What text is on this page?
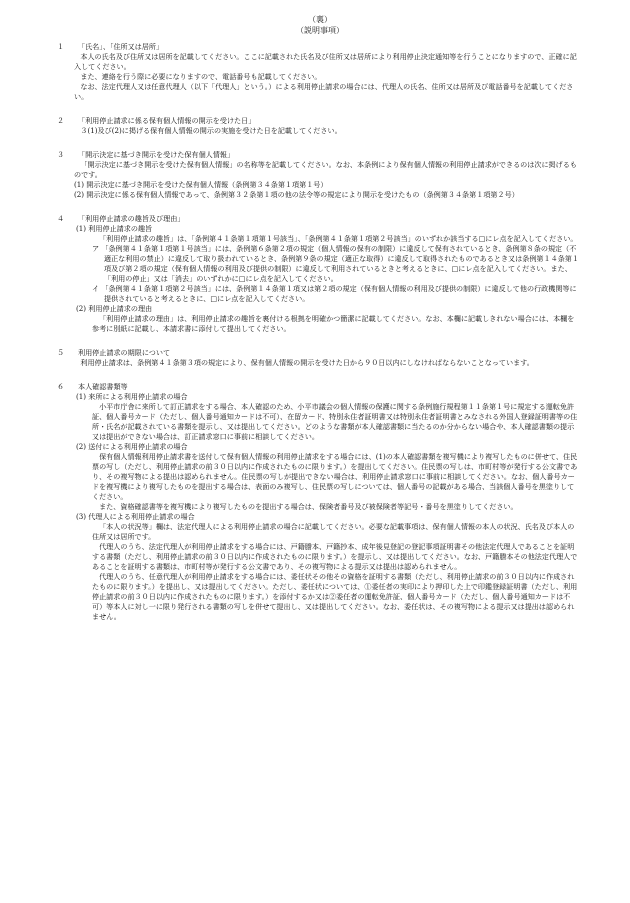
（裏）
（説明事項）
１	「氏名」、「住所又は居所」
本人の氏名及び住所又は居所を記載してください。ここに記載された氏名及び住所又は居所により利用停止決定通知等を行うことになりますので、正確に記入してください。
また、連絡を行う際に必要になりますので、電話番号も記載してください。
なお、法定代理人又は任意代理人（以下「代理人」という。）による利用停止請求の場合には、代理人の氏名、住所又は居所及び電話番号を記載してください。
２	「利用停止請求に係る保有個人情報の開示を受けた日」
３(1)及び(2)に掲げる保有個人情報の開示の実施を受けた日を記載してください。
３	「開示決定に基づき開示を受けた保有個人情報」
「開示決定に基づき開示を受けた保有個人情報」の名称等を記載してください。なお、本条例により保有個人情報の利用停止請求ができるのは次に掲げるものです。
(1) 開示決定に基づき開示を受けた保有個人情報（条例第３４条第１項第１号）
(2) 開示決定に係る保有個人情報であって、条例第３２条第１項の他の法令等の規定により開示を受けたもの（条例第３４条第１項第２号）
４	「利用停止請求の趣旨及び理由」
(1) 利用停止請求の趣旨
「利用停止請求の趣旨」は、「条例第４１条第１項第１号該当」、「条例第４１条第１項第２号該当」のいずれか該当する□にレ点を記入してください。
ア 「条例第４１条第１項第１号該当」には、条例第６条第２項の規定（個人情報の保有の制限）に違反して保有されているとき、条例第８条の規定（不適正な利用の禁止）に違反して取り扱われているとき、条例第９条の規定（適正な取得）に違反して取得されたものであるとき又は条例第１４条第１項及び第２項の規定（保有個人情報の利用及び提供の制限）に違反して利用されているときと考えるときに、□にレ点を記入してください。また、「利用の停止」又は「消去」のいずれかに□にレ点を記入してください。
イ 「条例第４１条第１項第２号該当」には、条例第１４条第１項又は第２項の規定（保有個人情報の利用及び提供の制限）に違反して他の行政機関等に提供されていると考えるときに、□にレ点を記入してください。
(2) 利用停止請求の理由
「利用停止請求の理由」は、利用停止請求の趣旨を裏付ける根拠を明確かつ簡潔に記載してください。なお、本欄に記載しきれない場合には、本欄を参考に別紙に記載し、本請求書に添付して提出してください。
５	利用停止請求の期限について
利用停止請求は、条例第４１条第３項の規定により、保有個人情報の開示を受けた日から９０日以内にしなければならないことなっています。
６	本人確認書類等
(1) 来所による利用停止請求の場合
小平市庁舎に来所して訂正請求をする場合、本人確認のため、小平市議会の個人情報の保護に関する条例施行規程第１１条第１号に規定する運転免許証、個人番号カード（ただし、個人番号通知カードは不可）、在留カード、特別永住者証明書又は特別永住者証明書とみなされる外国人登録証明書等の住所・氏名が記載されている書類を提示し、又は提出してください。どのような書類が本人確認書類に当たるのか分からない場合や、本人確認書類の提示又は提出ができない場合は、訂正請求窓口に事前に相談してください。
(2) 送付による利用停止請求の場合
保有個人情報利用停止請求書を送付して保有個人情報の利用停止請求をする場合には、(1)の本人確認書類を複写機により複写したものに併せて、住民票の写し（ただし、利用停止請求の前３０日以内に作成されたものに限ります。）を提出してください。住民票の写しは、市町村等が発行する公文書であり、その複写物による提出は認められません。住民票の写しが提出できない場合は、利用停止請求窓口に事前に相談してください。なお、個人番号カードを複写機により複写したものを提出する場合は、表面のみ複写し、住民票の写しについては、個人番号の記載がある場合、当該個人番号を黒塗りしてください。
また、資格確認書等を複写機により複写したものを提出する場合は、保険者番号及び被保険者等記号・番号を黒塗りしてください。
(3) 代理人による利用停止請求の場合
「本人の状況等」欄は、法定代理人による利用停止請求の場合に記載してください。必要な記載事項は、保有個人情報の本人の状況、氏名及び本人の住所又は居所です。
代理人のうち、法定代理人が利用停止請求をする場合には、戸籍謄本、戸籍抄本、成年後見登記の登記事項証明書その他法定代理人であることを証明する書類（ただし、利用停止請求の前３０日以内に作成されたものに限ります。）を提示し、又は提出してください。なお、戸籍謄本その他法定代理人であることを証明する書類は、市町村等が発行する公文書であり、その複写物による提示又は提出は認められません。
代理人のうち、任意代理人が利用停止請求をする場合には、委任状その他その資格を証明する書類（ただし、利用停止請求の前３０日以内に作成されたものに限ります。）を提出し、又は提出してください。ただし、委任状については、①委任者の実印により押印した上で印鑑登録証明書（ただし、利用停止請求の前３０日以内に作成されたものに限ります。）を添付するか又は②委任者の運転免許証、個人番号カード（ただし、個人番号通知カードは不可）等本人に対し一に限り発行される書類の写しを併せて提出し、又は提出してください。なお、委任状は、その複写物による提示又は提出は認められません。
